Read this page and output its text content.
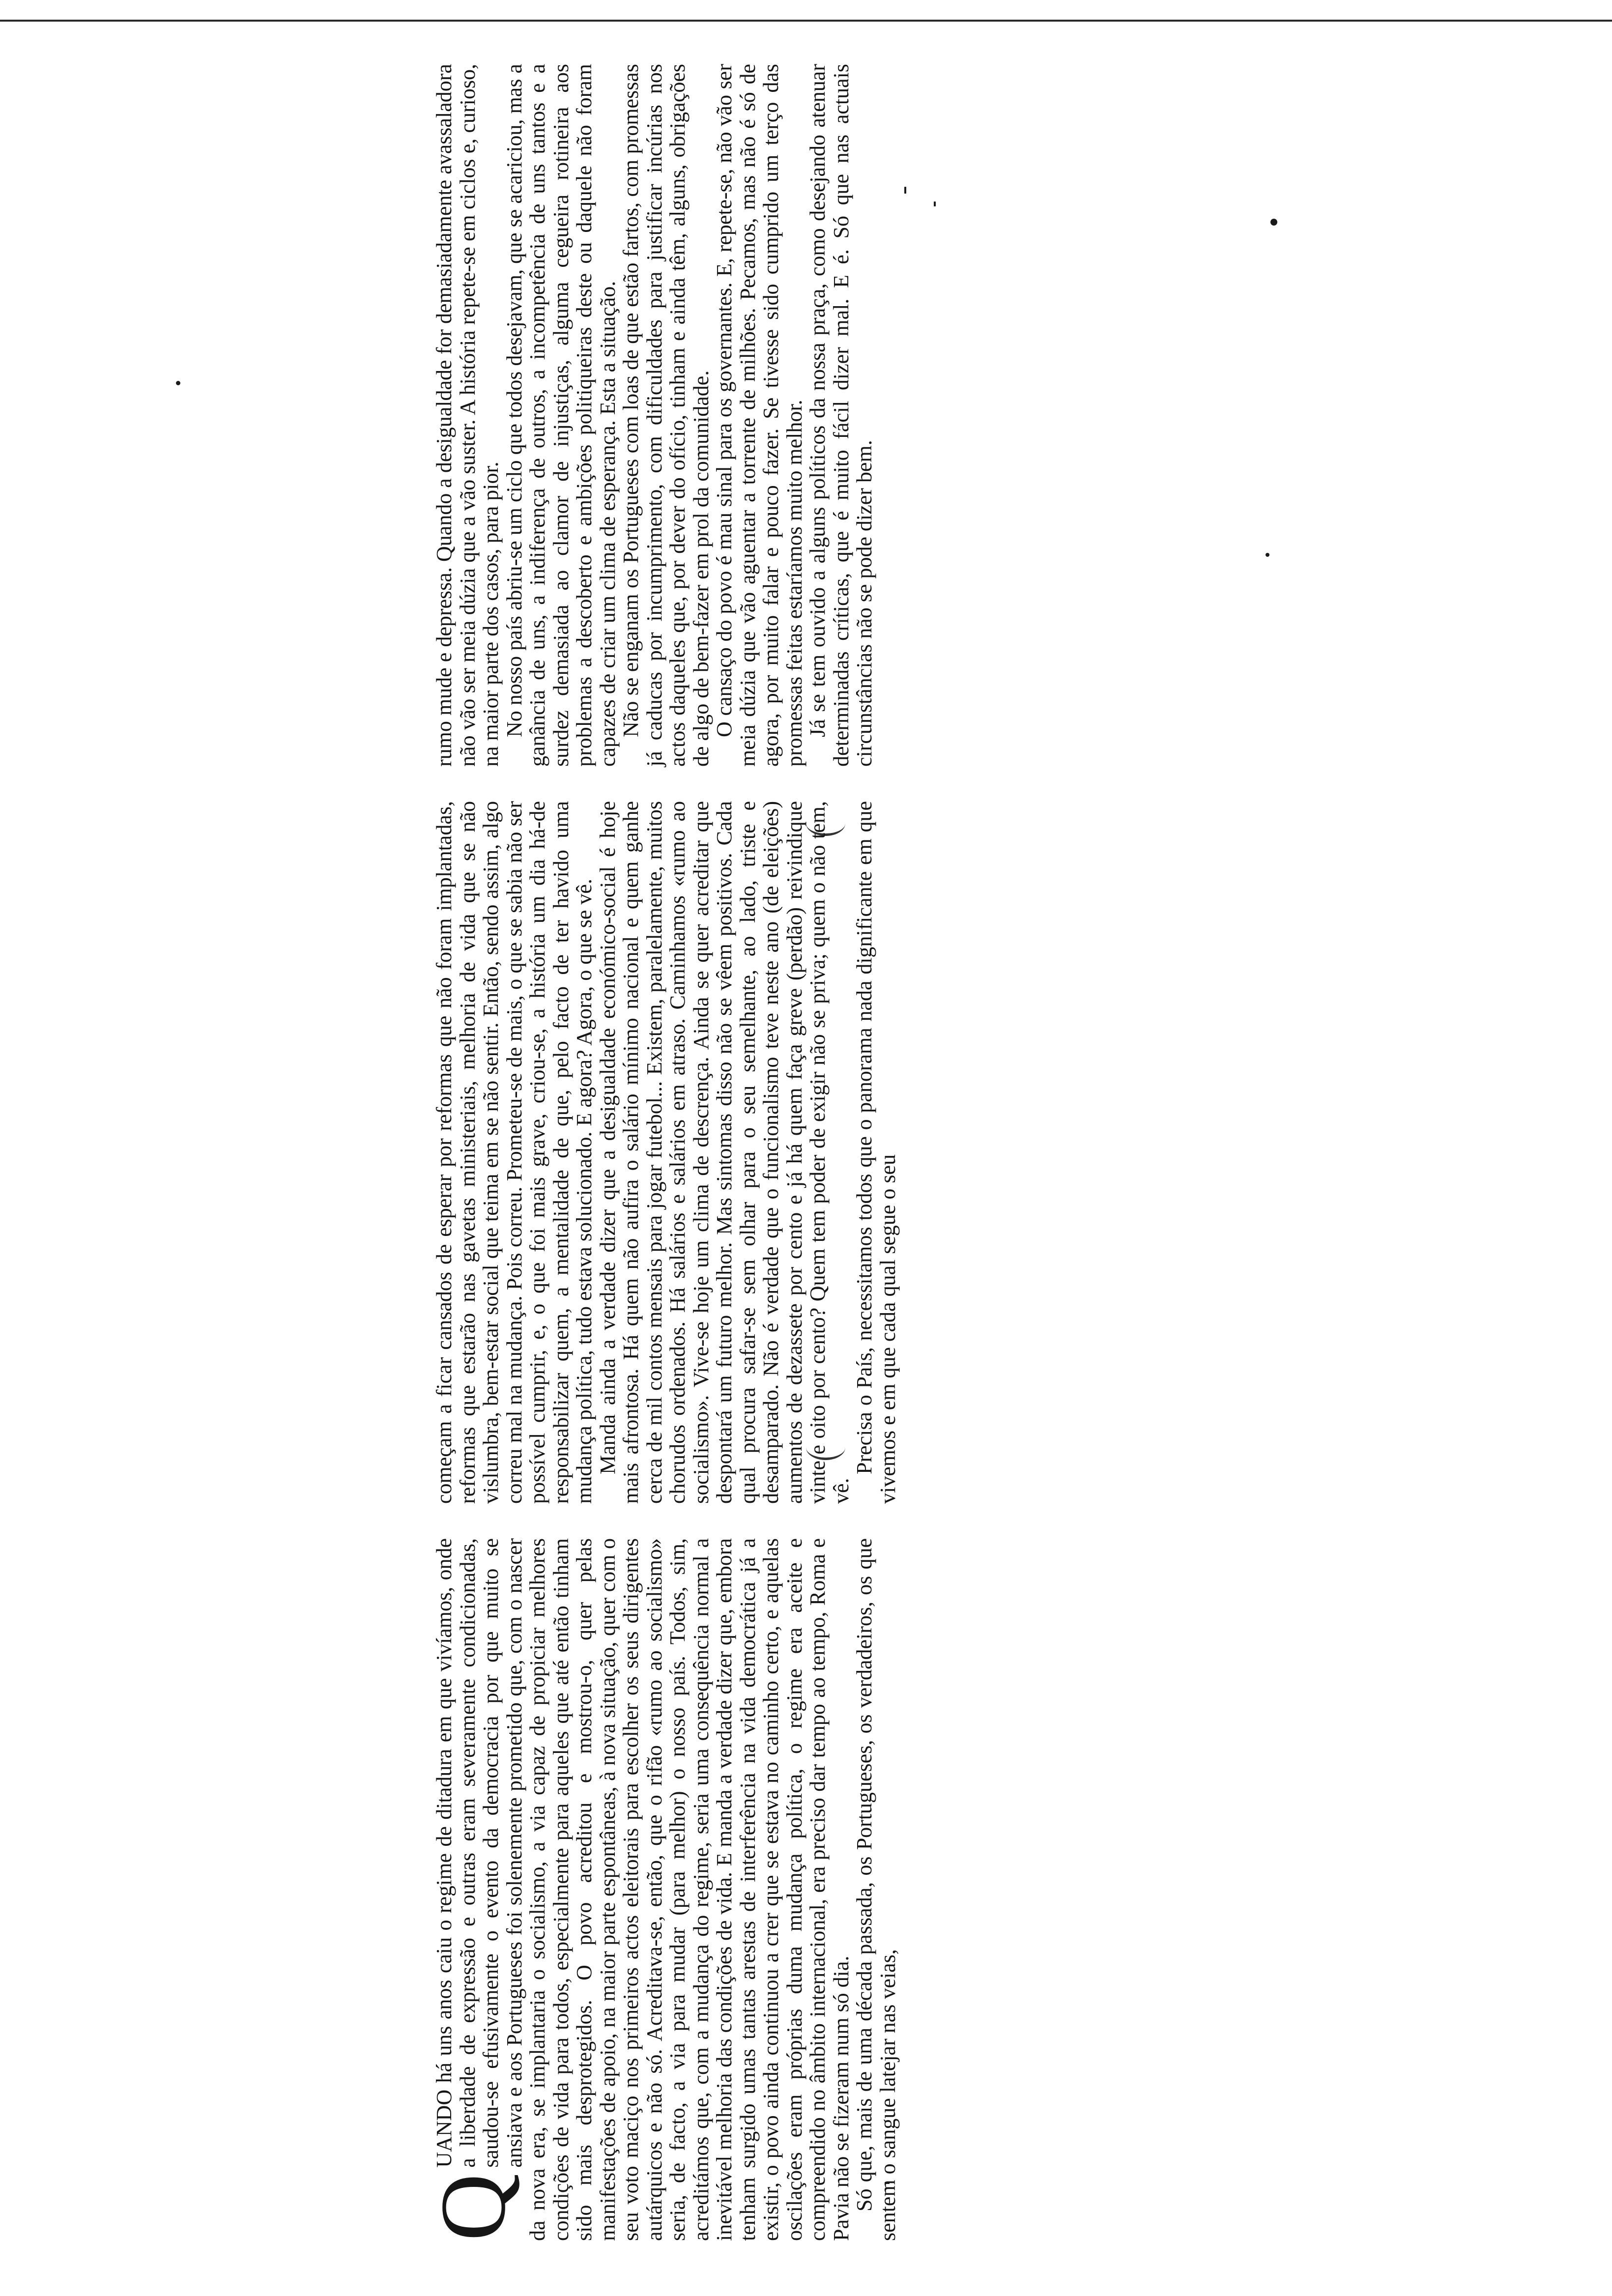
Q
UANDO há uns anos caiu o regime de ditadura em que vivíamos, onde a liberdade de expressão e outras eram severamente condicionadas, saudou-se efusivamente o evento da democracia por que muito se ansiava e aos Portugueses foi solenemente prometido que, com o nascer da nova era, se implantaria o socialismo, a via capaz de propiciar melhores condições de vida para todos, especialmente para aqueles que até então tinham sido mais desprotegidos. O povo acreditou e mostrou-o, quer pelas manifestações de apoio, na maior parte espontâneas, à nova situação, quer com o seu voto maciço nos primeiros actos eleitorais para escolher os seus dirigentes autárquicos e não só. Acreditava-se, então, que o rifão «rumo ao socialismo» seria, de facto, a via para mudar (para melhor) o nosso país. Todos, sim, acreditámos que, com a mudança do regime, seria uma consequência normal a inevitável melhoria das condições de vida. E manda a verdade dizer que, embora tenham surgido umas tantas arestas de interferência na vida democrática já a existir, o povo ainda continuou a crer que se estava no caminho certo, e aquelas oscilações eram próprias duma mudança política, o regime era aceite e compreendido no âmbito internacional, era preciso dar tempo ao tempo, Roma e Pavia não se fizeram num só dia.

Só que, mais de uma década passada, os Portugueses, os verdadeiros, os que sentem o sangue latejar nas veias,

começam a ficar cansados de esperar por reformas que não foram implantadas, reformas que estarão nas gavetas ministeriais, melhoria de vida que se não vislumbra, bem-estar social que teima em se não sentir. Então, sendo assim, algo correu mal na mudança. Pois correu. Prometeu-se de mais, o que se sabia não ser possível cumprir, e, o que foi mais grave, criou-se, a história um dia há-de responsabilizar quem, a mentalidade de que, pelo facto de ter havido uma mudança política, tudo estava solucionado. E agora? Agora, o que se vê.

Manda ainda a verdade dizer que a desigualdade económico-social é hoje mais afrontosa. Há quem não aufira o salário mínimo nacional e quem ganhe cerca de mil contos mensais para jogar futebol... Existem, paralelamente, muitos chorudos ordenados. Há salários e salários em atraso. Caminhamos «rumo ao socialismo». Vive-se hoje um clima de descrença. Ainda se quer acreditar que despontará um futuro melhor. Mas sintomas disso não se vêem positivos. Cada qual procura safar-se sem olhar para o seu semelhante, ao lado, triste e desamparado. Não é verdade que o funcionalismo teve neste ano (de eleições) aumentos de dezassete por cento e já há quem faça greve (perdão) reivindique vinte e oito por cento? Quem tem poder de exigir não se priva; quem o não tem, vê.

Precisa o País, necessitamos todos que o panorama nada dignificante em que vivemos e em que cada qual segue o seu

rumo mude e depressa. Quando a desigualdade for demasiadamente avassaladora não vão ser meia dúzia que a vão suster. A história repete-se em ciclos e, curioso, na maior parte dos casos, para pior.

No nosso país abriu-se um ciclo que todos desejavam, que se acariciou, mas a ganância de uns, a indiferença de outros, a incompetência de uns tantos e a surdez demasiada ao clamor de injustiças, alguma cegueira rotineira aos problemas a descoberto e ambições politiqueiras deste ou daquele não foram capazes de criar um clima de esperança. Esta a situação.

Não se enganam os Portugueses com loas de que estão fartos, com promessas já caducas por incumprimento, com dificuldades para justificar incúrias nos actos daqueles que, por dever do ofício, tinham e ainda têm, alguns, obrigações de algo de bem-fazer em prol da comunidade.

O cansaço do povo é mau sinal para os governantes. E, repete-se, não vão ser meia dúzia que vão aguentar a torrente de milhões. Pecamos, mas não é só de agora, por muito falar e pouco fazer. Se tivesse sido cumprido um terço das promessas feitas estaríamos muito melhor.

Já se tem ouvido a alguns políticos da nossa praça, como desejando atenuar determinadas críticas, que é muito fácil dizer mal. E é. Só que nas actuais circunstâncias não se pode dizer bem.
